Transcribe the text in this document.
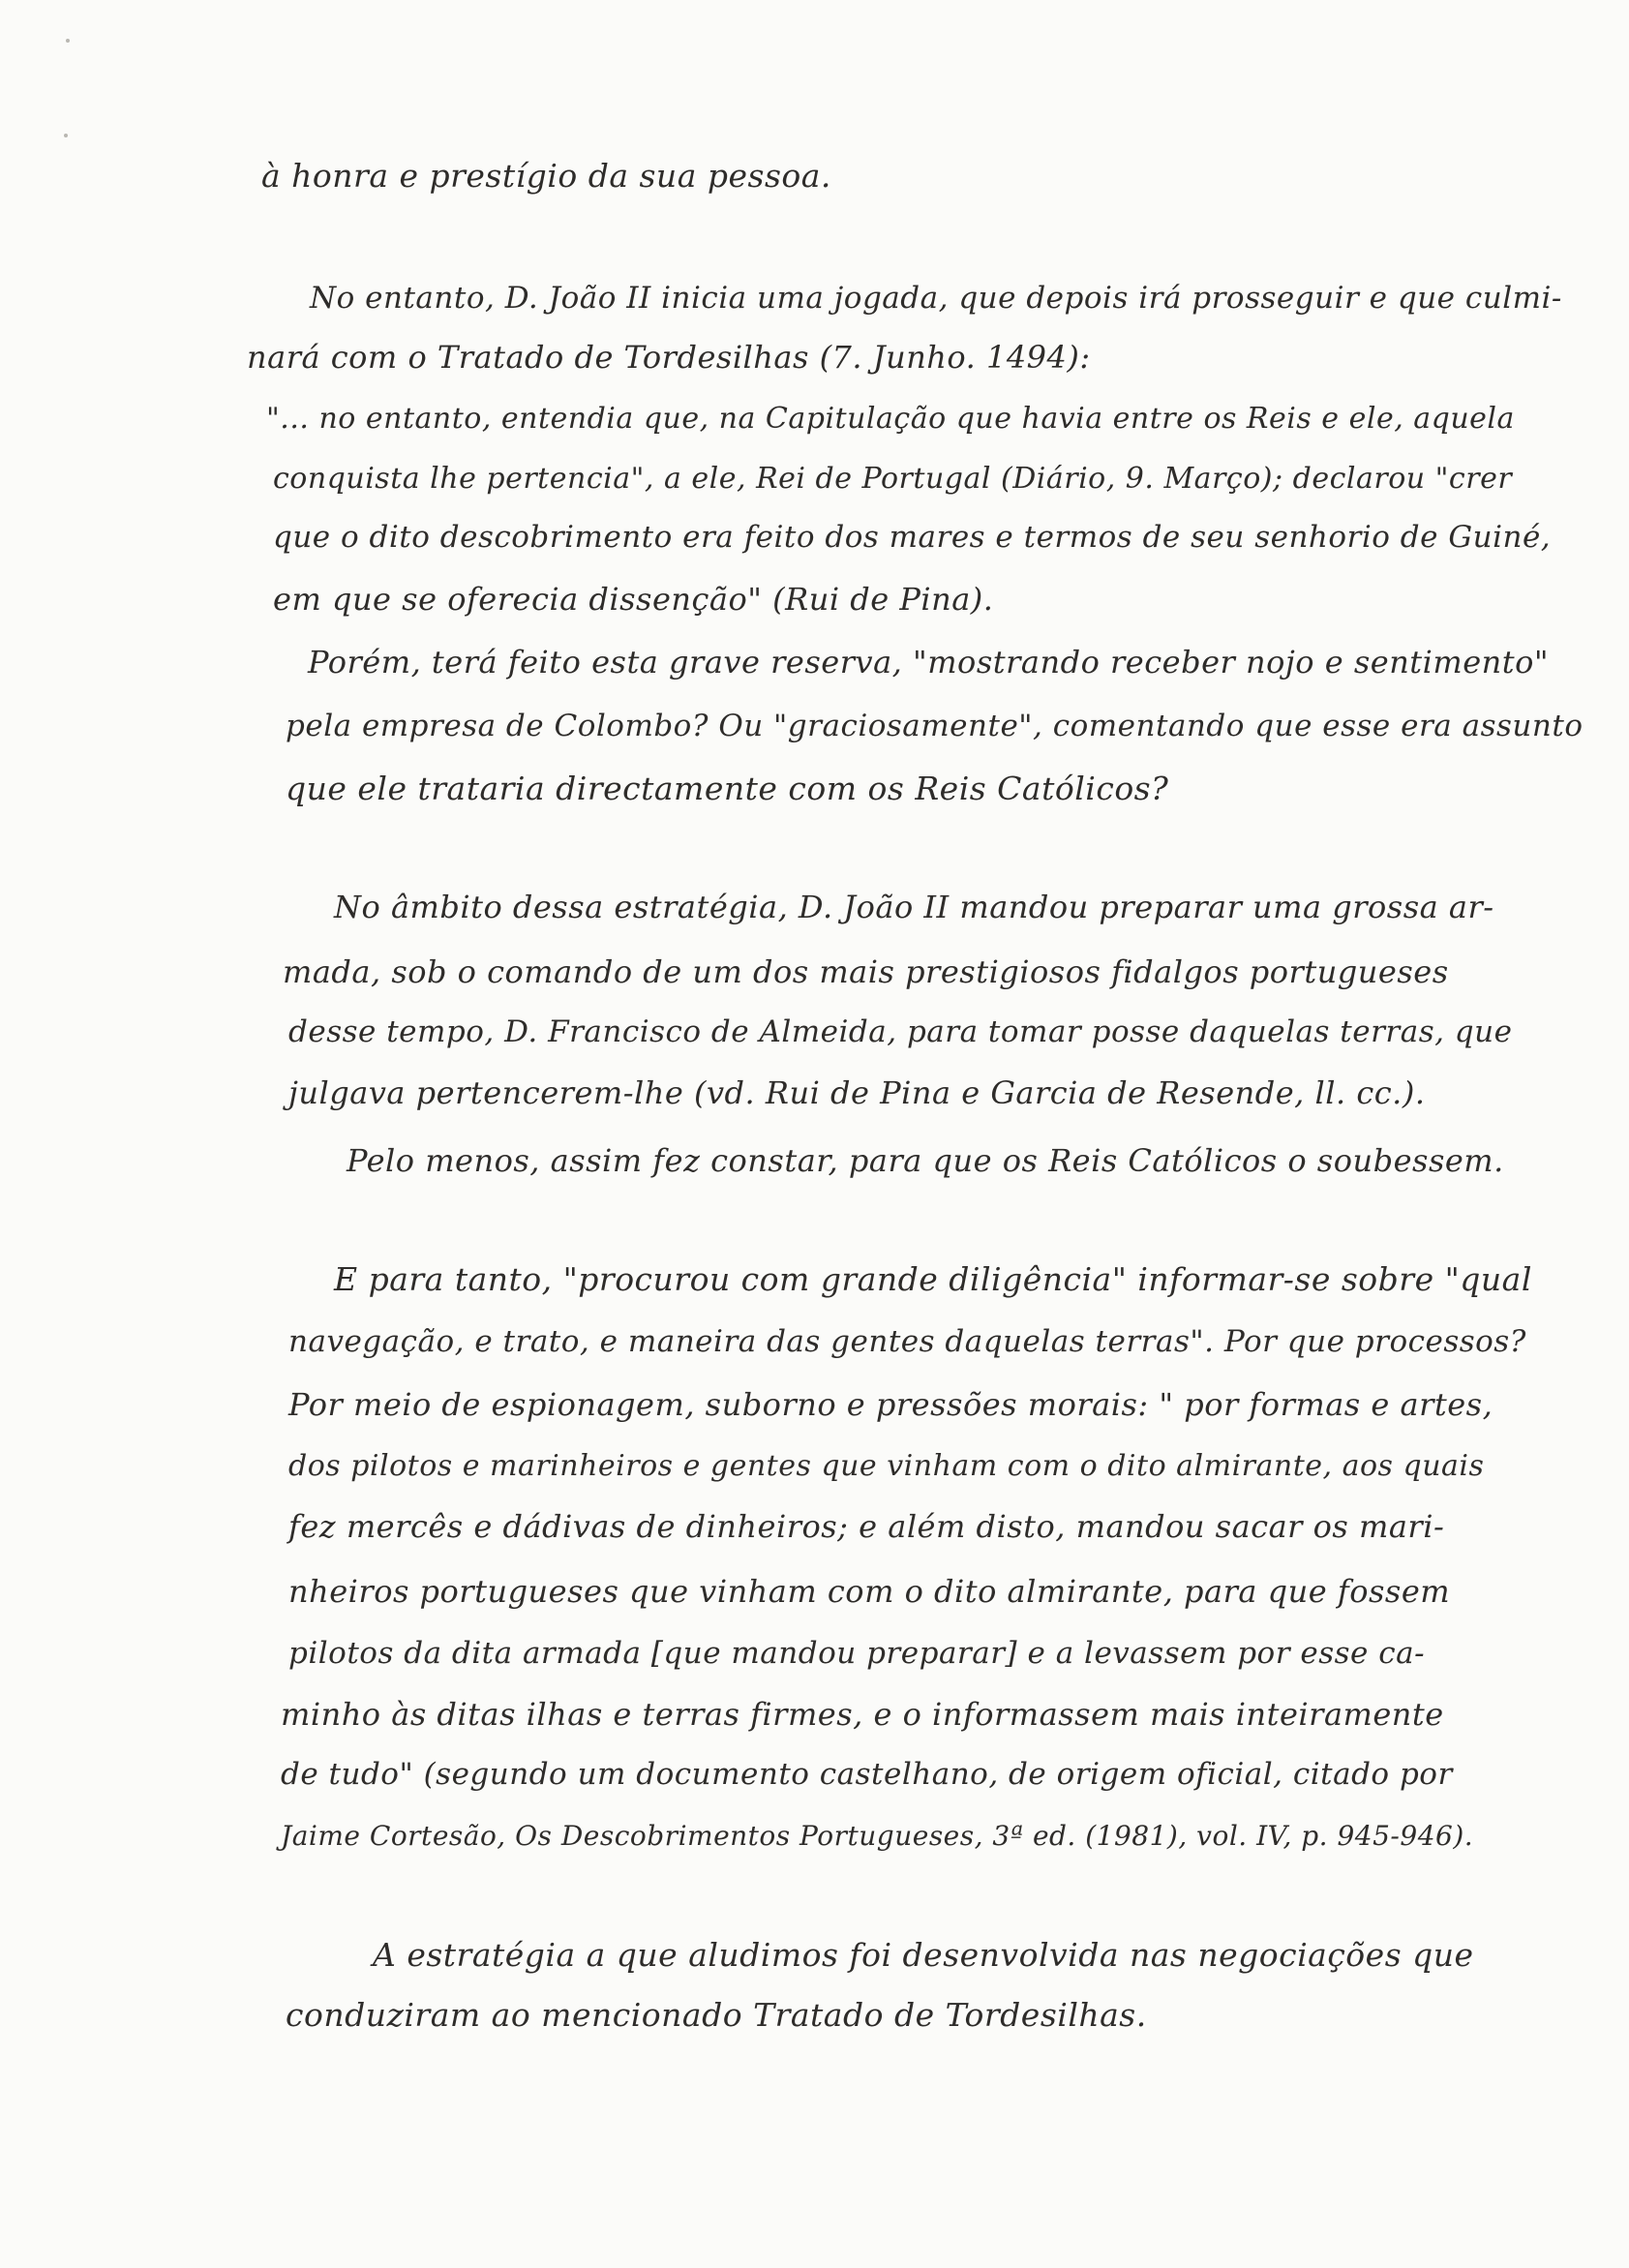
à honra e prestígio da sua pessoa.
No entanto, D. João II inicia uma jogada, que depois irá prosseguir e que culmi-
nará com o Tratado de Tordesilhas (7. Junho. 1494):
"... no entanto, entendia que, na Capitulação que havia entre os Reis e ele, aquela
conquista lhe pertencia", a ele, Rei de Portugal (Diário, 9. Março); declarou "crer
que o dito descobrimento era feito dos mares e termos de seu senhorio de Guiné,
em que se oferecia dissenção" (Rui de Pina).
Porém, terá feito esta grave reserva, "mostrando receber nojo e sentimento"
pela empresa de Colombo? Ou "graciosamente", comentando que esse era assunto
que ele trataria directamente com os Reis Católicos?
No âmbito dessa estratégia, D. João II mandou preparar uma grossa ar-
mada, sob o comando de um dos mais prestigiosos fidalgos portugueses
desse tempo, D. Francisco de Almeida, para tomar posse daquelas terras, que
julgava pertencerem-lhe (vd. Rui de Pina e Garcia de Resende, ll. cc.).
Pelo menos, assim fez constar, para que os Reis Católicos o soubessem.
E para tanto, "procurou com grande diligência" informar-se sobre "qual
navegação, e trato, e maneira das gentes daquelas terras". Por que processos?
Por meio de espionagem, suborno e pressões morais: " por formas e artes,
dos pilotos e marinheiros e gentes que vinham com o dito almirante, aos quais
fez mercês e dádivas de dinheiros; e além disto, mandou sacar os mari-
nheiros portugueses que vinham com o dito almirante, para que fossem
pilotos da dita armada [que mandou preparar] e a levassem por esse ca-
minho às ditas ilhas e terras firmes, e o informassem mais inteiramente
de tudo" (segundo um documento castelhano, de origem oficial, citado por
Jaime Cortesão, Os Descobrimentos Portugueses, 3ª ed. (1981), vol. IV, p. 945-946).
A estratégia a que aludimos foi desenvolvida nas negociações que
conduziram ao mencionado Tratado de Tordesilhas.
